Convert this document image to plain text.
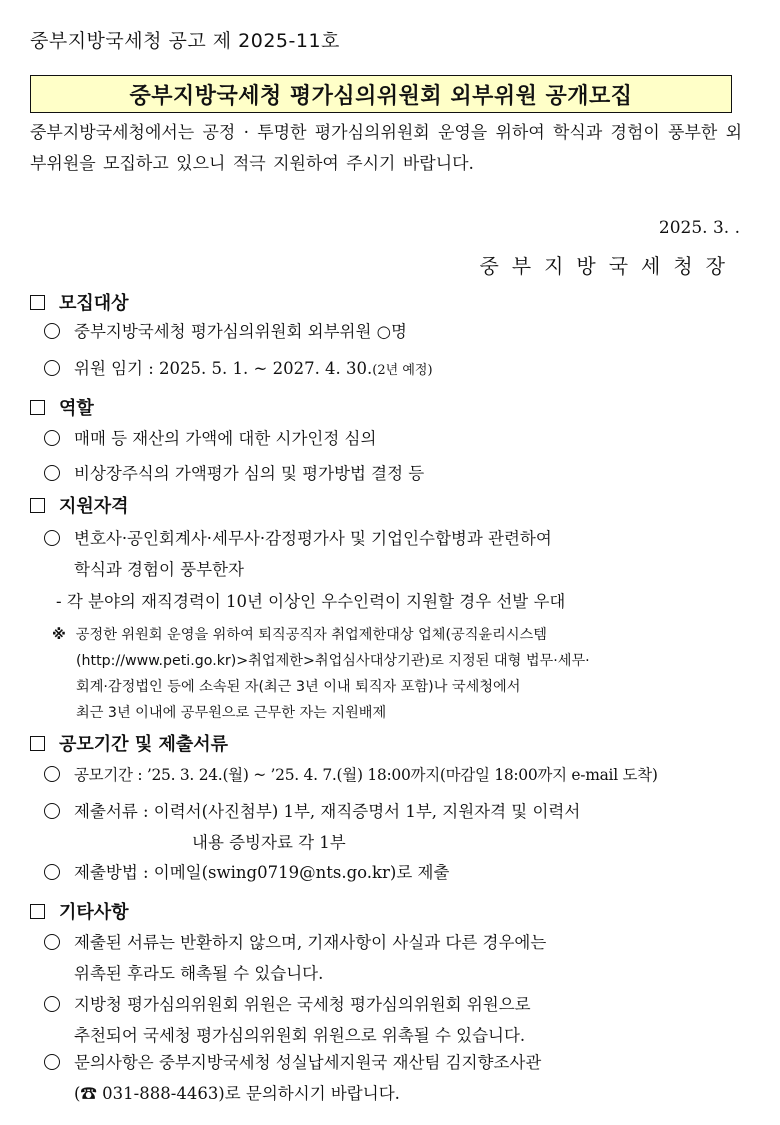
중부지방국세청 공고 제 2025-11호
중부지방국세청 평가심의위원회 외부위원 공개모집
중부지방국세청에서는 공정 · 투명한 평가심의위원회 운영을 위하여 학식과 경험이 풍부한 외부위원을 모집하고 있으니 적극 지원하여 주시기 바랍니다.
2025. 3. .
중부지방국세청장
모집대상
중부지방국세청 평가심의위원회 외부위원 ○명
위원 임기 : 2025. 5. 1. ~ 2027. 4. 30.(2년 예정)
역할
매매 등 재산의 가액에 대한 시가인정 심의
비상장주식의 가액평가 심의 및 평가방법 결정 등
지원자격
변호사·공인회계사·세무사·감정평가사 및 기업인수합병과 관련하여
학식과 경험이 풍부한자
- 각 분야의 재직경력이 10년 이상인 우수인력이 지원할 경우 선발 우대
※ 공정한 위원회 운영을 위하여 퇴직공직자 취업제한대상 업체(공직윤리시스템
(http://www.peti.go.kr)>취업제한>취업심사대상기관)로 지정된 대형 법무·세무·
회계·감정법인 등에 소속된 자(최근 3년 이내 퇴직자 포함)나 국세청에서
최근 3년 이내에 공무원으로 근무한 자는 지원배제
공모기간 및 제출서류
공모기간 : ’25. 3. 24.(월) ~ ’25. 4. 7.(월) 18:00까지(마감일 18:00까지 e-mail 도착)
제출서류 : 이력서(사진첨부) 1부, 재직증명서 1부, 지원자격 및 이력서
내용 증빙자료 각 1부
제출방법 : 이메일(swing0719@nts.go.kr)로 제출
기타사항
제출된 서류는 반환하지 않으며, 기재사항이 사실과 다른 경우에는
위촉된 후라도 해촉될 수 있습니다.
지방청 평가심의위원회 위원은 국세청 평가심의위원회 위원으로
추천되어 국세청 평가심의위원회 위원으로 위촉될 수 있습니다.
문의사항은 중부지방국세청 성실납세지원국 재산팀 김지향조사관
(☎ 031-888-4463)로 문의하시기 바랍니다.
